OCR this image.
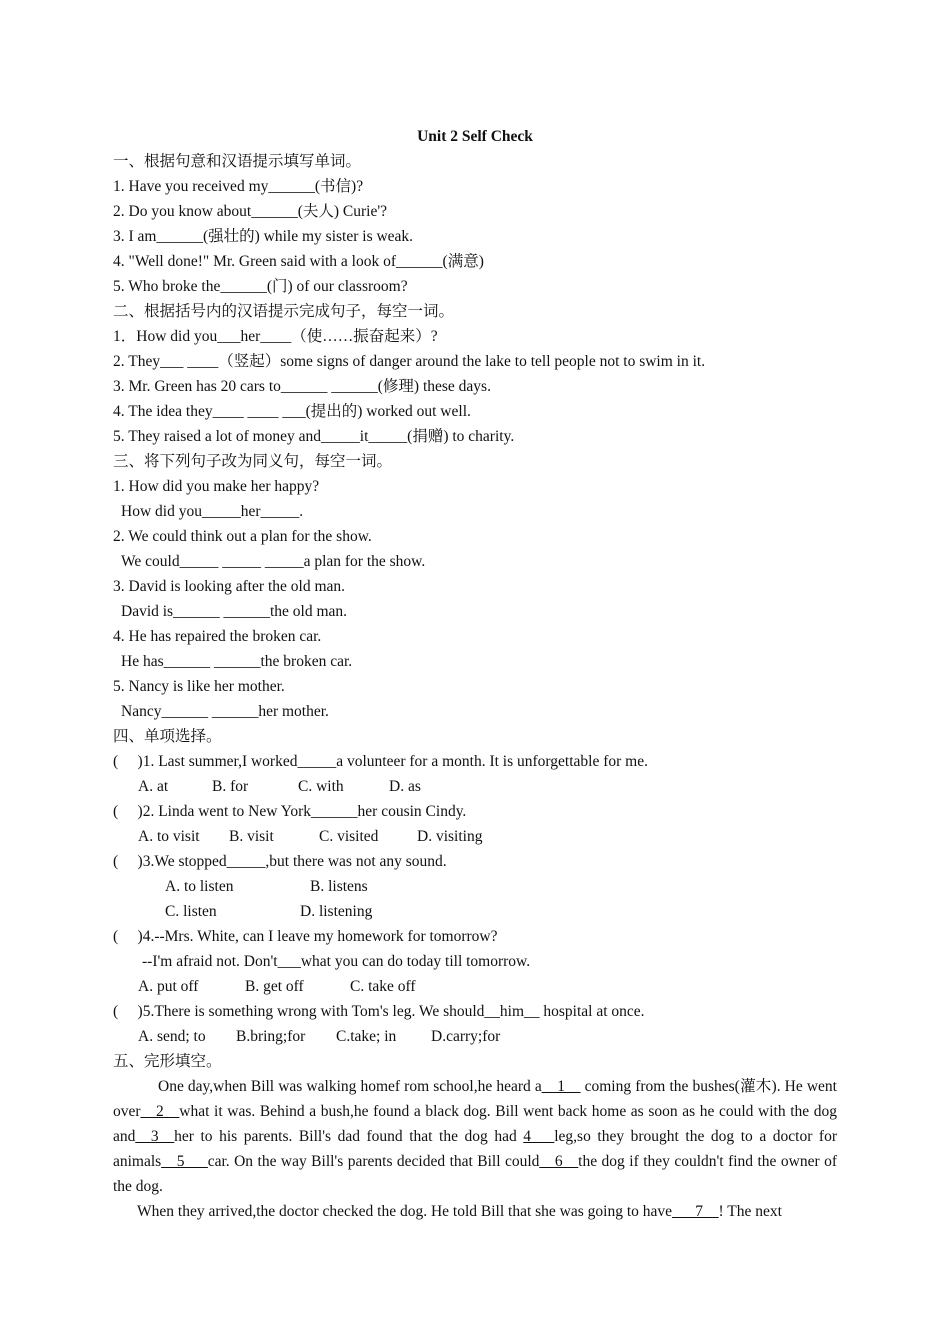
Unit 2 Self Check
一、根据句意和汉语提示填写单词。
1. Have you received my______(书信)?
2. Do you know about______(夫人) Curie'?
3. I am______(强壮的) while my sister is weak.
4. "Well done!" Mr. Green said with a look of______(满意)
5. Who broke the______(门) of our classroom?
二、根据括号内的汉语提示完成句子，每空一词。
1．How did you___her____（使……振奋起来）?
2. They___ ____（竖起）some signs of danger around the lake to tell people not to swim in it.
3. Mr. Green has 20 cars to______ ______(修理) these days.
4. The idea they____ ____ ___(提出的) worked out well.
5. They raised a lot of money and_____it_____(捐赠) to charity.
三、将下列句子改为同义句，每空一词。
1. How did you make her happy?
How did you_____her_____.
2. We could think out a plan for the show.
We could_____ _____ _____a plan for the show.
3. David is looking after the old man.
David is______ ______the old man.
4. He has repaired the broken car.
He has______ ______the broken car.
5. Nancy is like her mother.
Nancy______ ______her mother.
四、单项选择。
(     )1. Last summer,I worked_____a volunteer for a month. It is unforgettable for me.
A. at	B. for	C. with	D. as
(     )2. Linda went to New York______her cousin Cindy.
A. to visit B. visit	C. visited D. visiting
(     )3.We stopped_____,but there was not any sound.
A. to listen	B. listens
C. listen	D. listening
(     )4.--Mrs. White, can I leave my homework for tomorrow?
--I'm afraid not. Don't___what you can do today till tomorrow.
A. put off	B. get off	C. take off
(     )5.There is something wrong with Tom's leg. We should__him__ hospital at once.
A. send; to B.bring;for C.take; in D.carry;for
五、完形填空。
One day,when Bill was walking homef rom school,he heard a__1__ coming from the bushes(灌木). He went over__2__what it was. Behind a bush,he found a black dog. Bill went back home as soon as he could with the dog and__3__her to his parents. Bill's dad found that the dog had 4___leg,so they brought the dog to a doctor for animals__5___car. On the way Bill's parents decided that Bill could__6__the dog if they couldn't find the owner of the dog.
When they arrived,the doctor checked the dog. He told Bill that she was going to have___7__! The next
